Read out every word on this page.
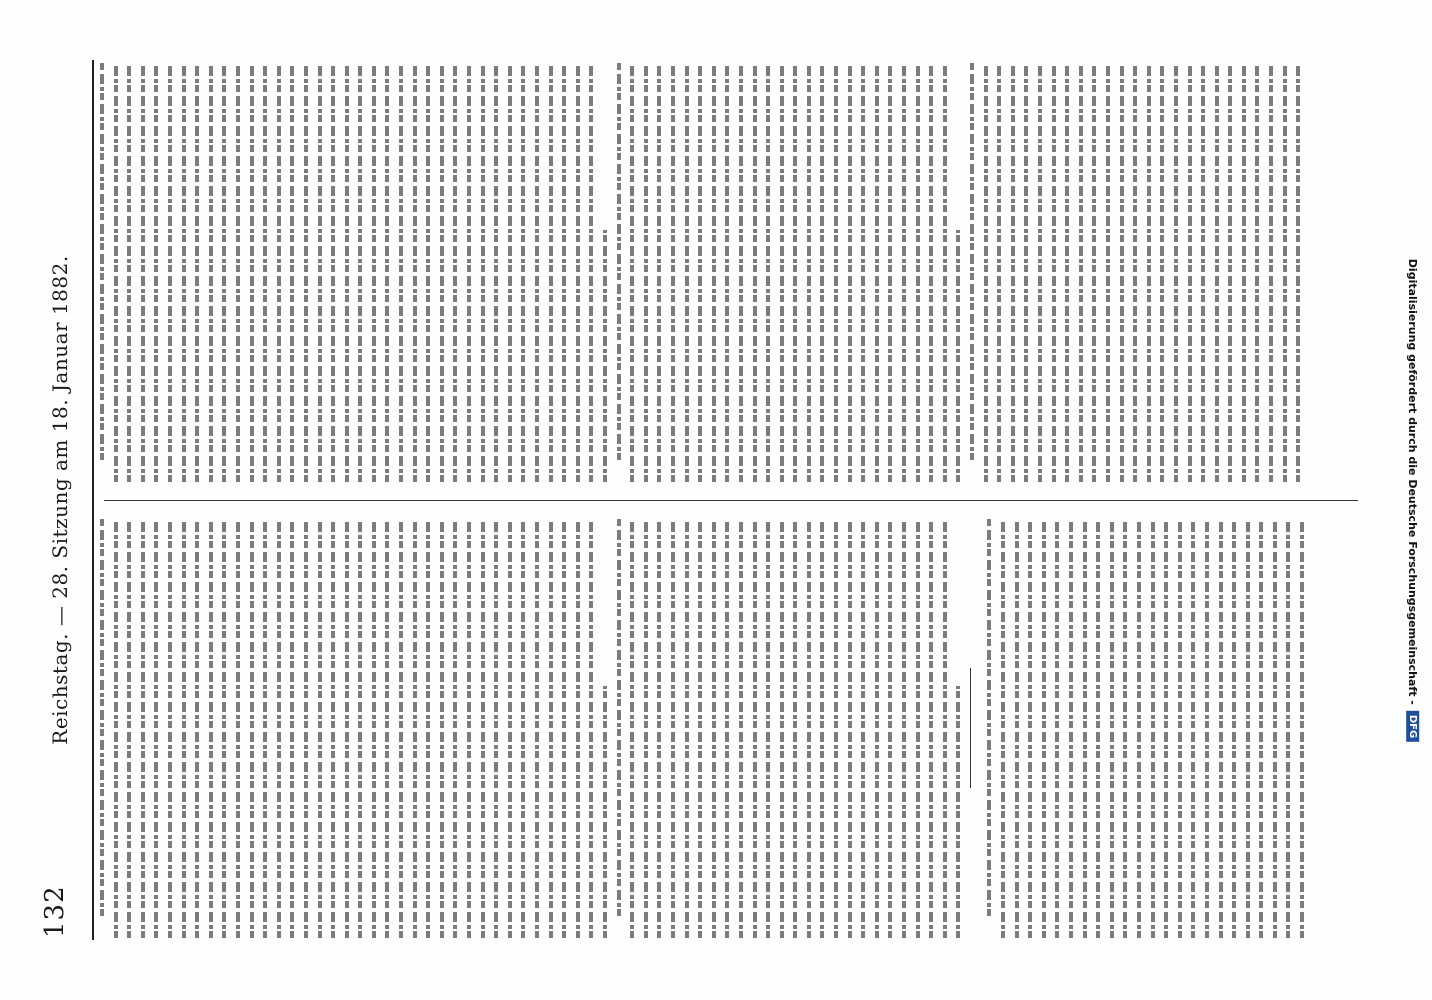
132
Reichstag. — 28. Sitzung am 18. Januar 1882.	Digitalisierung gefördert durch die Deutsche Forschungsgemeinschaft -
DFG
